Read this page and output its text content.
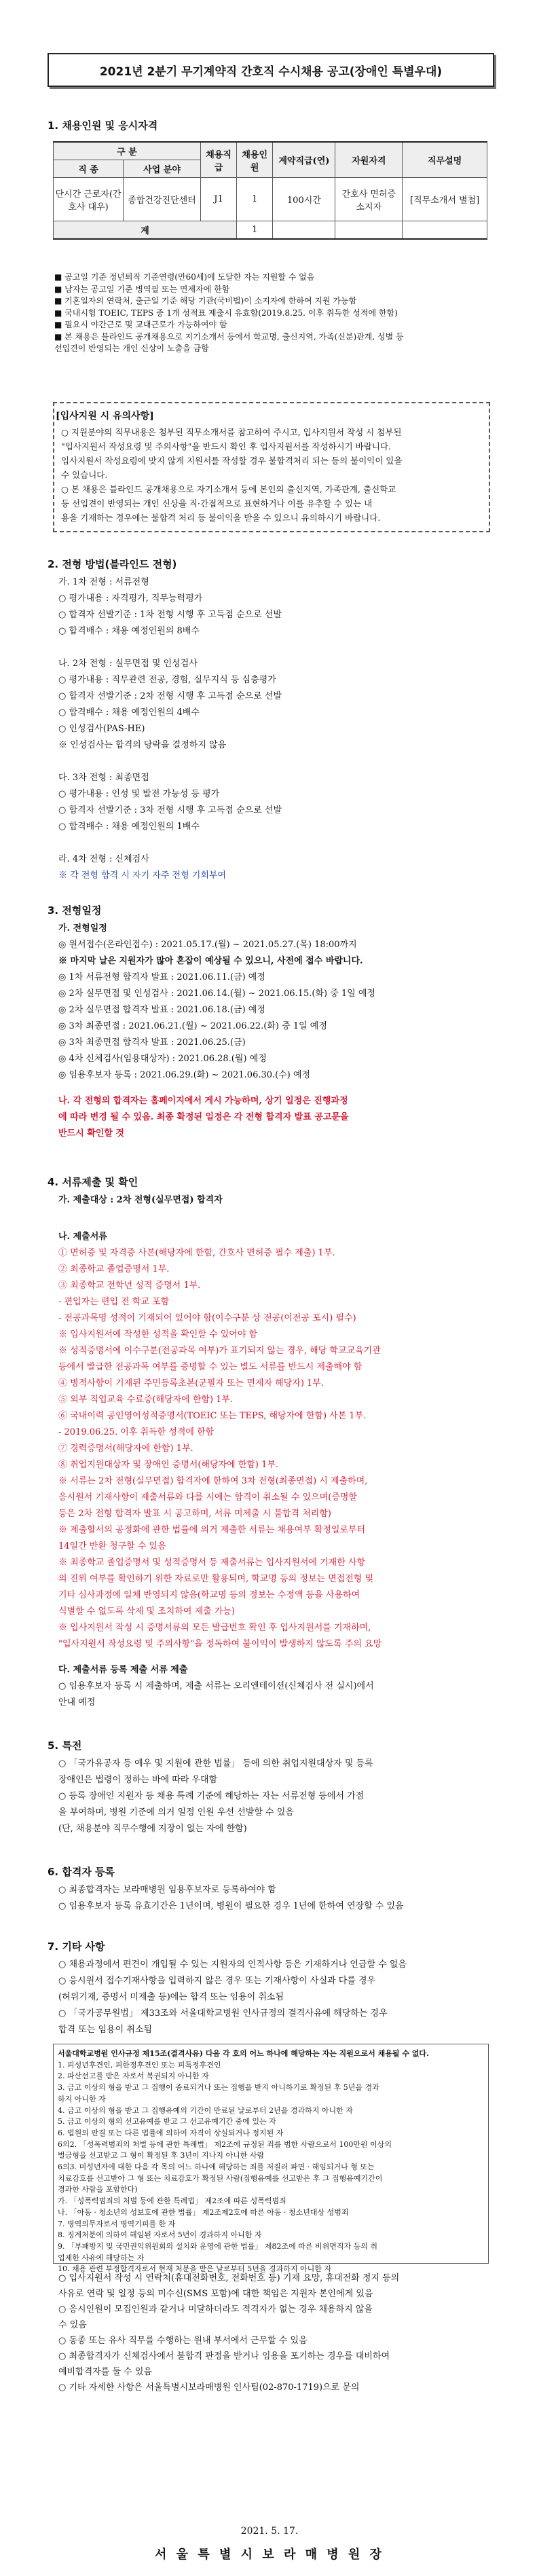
2021년 2분기 무기계약직 간호직 수시채용 공고(장애인 특별우대)
1. 채용인원 및 응시자격
구 분		채용직급	채용인원	계약직급(연)	자원자격	직무설명
직 종	사업 분야					
단시간 근로자(간호사 대우)	종합건강진단센터	J1	1	100시간	간호사 면허증 소지자	[직무소개서 별첨]
계			1			
■ 공고일 기준 정년퇴직 기준연령(만60세)에 도달한 자는 지원할 수 없음
■ 남자는 공고일 기준 병역필 또는 면제자에 한함
■ 기혼일자의 연락처, 출근일 기준 해당 기관(국비법)이 소지자에 한하여 지원 가능함
■ 국내시험 TOEIC, TEPS 중 1개 성적표 제출시 유효함(2019.8.25. 이후 취득한 성적에 한함)
■ 필요시 야간근로 및 교대근로가 가능하여야 함
■ 본 채용은 블라인드 공개채용으로 지기소개서 등에서 학교명, 출신지역, 가족(신분)관계, 성별 등
선입견이 반영되는 개인 신상이 노출을 금함
[입사지원 시 유의사항]
○ 지원분야의 직무내용은 첨부된 직무소개서를 참고하여 주시고, 입사지원서 작성 시 첨부된
"입사지원서 작성요령 및 주의사항"을 반드시 확인 후 입사지원서를 작성하시기 바랍니다.
입사지원서 작성요령에 맞지 않게 지원서를 작성할 경우 불합격처리 되는 등의 불이익이 있을
수 있습니다.
○ 본 채용은 블라인드 공개채용으로 자기소개서 등에 본인의 출신지역, 가족관계, 출신학교
등 선입견이 반영되는 개인 신상을 직·간접적으로 표현하거나 이를 유추할 수 있는 내
용을 기재하는 경우에는 불합격 처리 등 불이익을 받을 수 있으니 유의하시기 바랍니다.
2. 전형 방법(블라인드 전형)
가. 1차 전형 : 서류전형
○ 평가내용 : 자격평가, 직무능력평가
○ 합격자 선발기준 : 1차 전형 시행 후 고득점 순으로 선발
○ 합격배수 : 채용 예정인원의 8배수

나. 2차 전형 : 실무면접 및 인성검사
○ 평가내용 : 직무관련 전공, 경험, 실무지식 등 심층평가
○ 합격자 선발기준 : 2차 전형 시행 후 고득점 순으로 선발
○ 합격배수 : 채용 예정인원의 4배수
○ 인성검사(PAS-HE)
※ 인성검사는 합격의 당락을 결정하지 않음

다. 3차 전형 : 최종면접
○ 평가내용 : 인성 및 발전 가능성 등 평가
○ 합격자 선발기준 : 3차 전형 시행 후 고득점 순으로 선발
○ 합격배수 : 채용 예정인원의 1배수

라. 4차 전형 : 신체검사
※ 각 전형 합격 시 자기 자주 전형 기회부여
3. 전형일정
가. 전형일정
◎ 원서접수(온라인접수) : 2021.05.17.(월) ~ 2021.05.27.(목) 18:00까지
※ 마지막 날은 지원자가 많아 혼잡이 예상될 수 있으니, 사전에 접수 바랍니다.
◎ 1차 서류전형 합격자 발표 : 2021.06.11.(금) 예정
◎ 2차 실무면접 및 인성검사 : 2021.06.14.(월) ~ 2021.06.15.(화) 중 1일 예정
◎ 2차 실무면접 합격자 발표 : 2021.06.18.(금) 예정
◎ 3차 최종면접 : 2021.06.21.(월) ~ 2021.06.22.(화) 중 1일 예정
◎ 3차 최종면접 합격자 발표 : 2021.06.25.(금)
◎ 4차 신체검사(임용대상자) : 2021.06.28.(월) 예정
◎ 임용후보자 등록 : 2021.06.29.(화) ~ 2021.06.30.(수) 예정
나. 각 전형의 합격자는 홈페이지에서 게시 가능하며, 상기 일정은 진행과정
에 따라 변경 될 수 있음. 최종 확정된 일정은 각 전형 합격자 발표 공고문을
반드시 확인할 것
4. 서류제출 및 확인
가. 제출대상 : 2차 전형(실무면접) 합격자
나. 제출서류
① 면허증 및 자격증 사본(해당자에 한함, 간호사 면허증 필수 제출) 1부.
② 최종학교 졸업증명서 1부.
③ 최종학교 전학년 성적 증명서 1부.
- 편입자는 편입 전 학교 포함
- 전공과목명 성적이 기재되어 있어야 함(이수구분 상 전공(이전공 포시) 필수)
※ 입사지원서에 작성한 성적을 확인할 수 있어야 함
※ 성적증명서에 이수구분(전공과목 여부)가 표기되지 않는 경우, 해당 학교교육기관
등에서 발급한 전공과목 여부를 증명할 수 있는 별도 서류를 반드시 제출해야 함
④ 병적사항이 기재된 주민등록초본(군필자 또는 면제자 해당자) 1부.
⑤ 외부 직업교육 수료증(해당자에 한함) 1부.
⑥ 국내이력 공인영어성적증명서(TOEIC 또는 TEPS, 해당자에 한함) 사본 1부.
- 2019.06.25. 이후 취득한 성적에 한함
⑦ 경력증명서(해당자에 한함) 1부.
⑧ 취업지원대상자 및 장애인 증명서(해당자에 한함) 1부.
※ 서류는 2차 전형(실무면접) 합격자에 한하여 3차 전형(최종면접) 시 제출하며,
응시원서 기재사항이 제출서류와 다를 시에는 합격이 취소될 수 있으며(증명할
등은 2차 전형 합격자 발표 시 공고하며, 서류 미제출 시 불합격 처리함)
※ 제출할서의 공정화에 관한 법률에 의거 제출한 서류는 채용여부 확정일로부터
14일간 반환 청구할 수 있음
※ 최종학교 졸업증명서 및 성적증명서 등 제출서류는 입사지원서에 기재한 사항
의 진위 여부를 확인하기 위한 자료로만 활용되며, 학교명 등의 정보는 면접전형 및
기타 심사과정에 일체 반영되지 않음(학교명 등의 정보는 수정액 등을 사용하여
식별할 수 없도록 삭제 및 조치하여 제출 가능)
※ 입사지원서 작성 시 증명서류의 모든 발급번호 확인 후 입사지원서를 기재하며,
"입사지원서 작성요령 및 주의사항"을 정독하여 불이익이 발생하지 않도록 주의 요망
다. 제출서류 등록 제출 서류 제출
○ 임용후보자 등록 시 제출하며, 제출 서류는 오리엔테이션(신체검사 전 실시)에서
안내 예정
5. 특전
○ 「국가유공자 등 예우 및 지원에 관한 법률」 등에 의한 취업지원대상자 및 등록
장애인은 법령이 정하는 바에 따라 우대함
○ 등록 장애인 지원자 등 채용 특례 기준에 해당하는 자는 서류전형 등에서 가점
을 부여하며, 병원 기준에 의거 일정 인원 우선 선발할 수 있음
(단, 채용분야 직무수행에 지장이 없는 자에 한함)
6. 합격자 등록
○ 최종합격자는 보라매병원 임용후보자로 등록하여야 함
○ 임용후보자 등록 유효기간은 1년이며, 병원이 필요한 경우 1년에 한하여 연장할 수 있음
7. 기타 사항
○ 채용과정에서 편견이 개입될 수 있는 지원자의 인적사항 등은 기재하거나 언급할 수 없음
○ 응시원서 접수기재사항을 입력하지 않은 경우 또는 기재사항이 사실과 다를 경우
(허위기재, 증명서 미제출 등)에는 합격 또는 임용이 취소됨
○ 「국가공무원법」 제33조와 서울대학교병원 인사규정의 결격사유에 해당하는 경우
합격 또는 임용이 취소됨
서울대학교병원 인사규정 제15조(결격사유) 다음 각 호의 어느 하나에 해당하는 자는 직원으로서 채용될 수 없다.
1. 피성년후견인, 피한정후견인 또는 피특정후견인
2. 파산선고를 받은 자로서 복권되지 아니한 자
3. 금고 이상의 형을 받고 그 집행이 종료되거나 또는 집행을 받지 아니하기로 확정된 후 5년을 경과
하지 아니한 자
4. 금고 이상의 형을 받고 그 집행유예의 기간이 만료된 날로부터 2년을 경과하지 아니한 자
5. 금고 이상의 형의 선고유예를 받고 그 선고유예기간 중에 있는 자
6. 법원의 판결 또는 다른 법률에 의하여 자격이 상실되거나 정지된 자
6의2. 「성폭력범죄의 처벌 등에 관한 특례법」 제2조에 규정된 죄를 범한 사람으로서 100만원 이상의
벌금형을 선고받고 그 형이 확정된 후 3년이 지나지 아니한 사람
6의3. 미성년자에 대한 다음 각 목의 어느 하나에 해당하는 죄를 저질러 파면 · 해임되거나 형 또는
치료감호를 선고받아 그 형 또는 치료감호가 확정된 사람(집행유예를 선고받은 후 그 집행유예기간이
경과한 사람을 포함한다)
가. 「성폭력범죄의 처벌 등에 관한 특례법」 제2조에 따른 성폭력범죄
나. 「아동 · 청소년의 성보호에 관한 법률」 제2조제2호에 따른 아동 · 청소년대상 성범죄
7. 병역의무자로서 병역기피를 한 자
8. 징계처분에 의하여 해임된 자로서 5년이 경과하지 아니한 자
9. 「부패방지 및 국민권익위원회의 설치와 운영에 관한 법률」 제82조에 따른 비위면직자 등의 취
업제한 사유에 해당하는 자
10. 채용 관련 부정합격자로서 현재 처분을 받은 날로부터 5년을 경과하지 아니한 자
○ 입사지원서 작성 시 연락처(휴대전화번호, 전화번호 등) 기재 요망, 휴대전화 정지 등의
사유로 연락 및 일정 등의 미수신(SMS 포함)에 대한 책임은 지원자 본인에게 있음
○ 응시인원이 모집인원과 같거나 미달하더라도 적격자가 없는 경우 채용하지 않을
수 있음
○ 동종 또는 유사 직무를 수행하는 원내 부서에서 근무할 수 있음
○ 최종합격자가 신체검사에서 불합격 판정을 받거나 임용을 포기하는 경우를 대비하여
예비합격자를 둘 수 있음
○ 기타 자세한 사항은 서울특별시보라매병원 인사팀(02-870-1719)으로 문의
2021. 5. 17.
서 울 특 별 시 보 라 매 병 원 장
